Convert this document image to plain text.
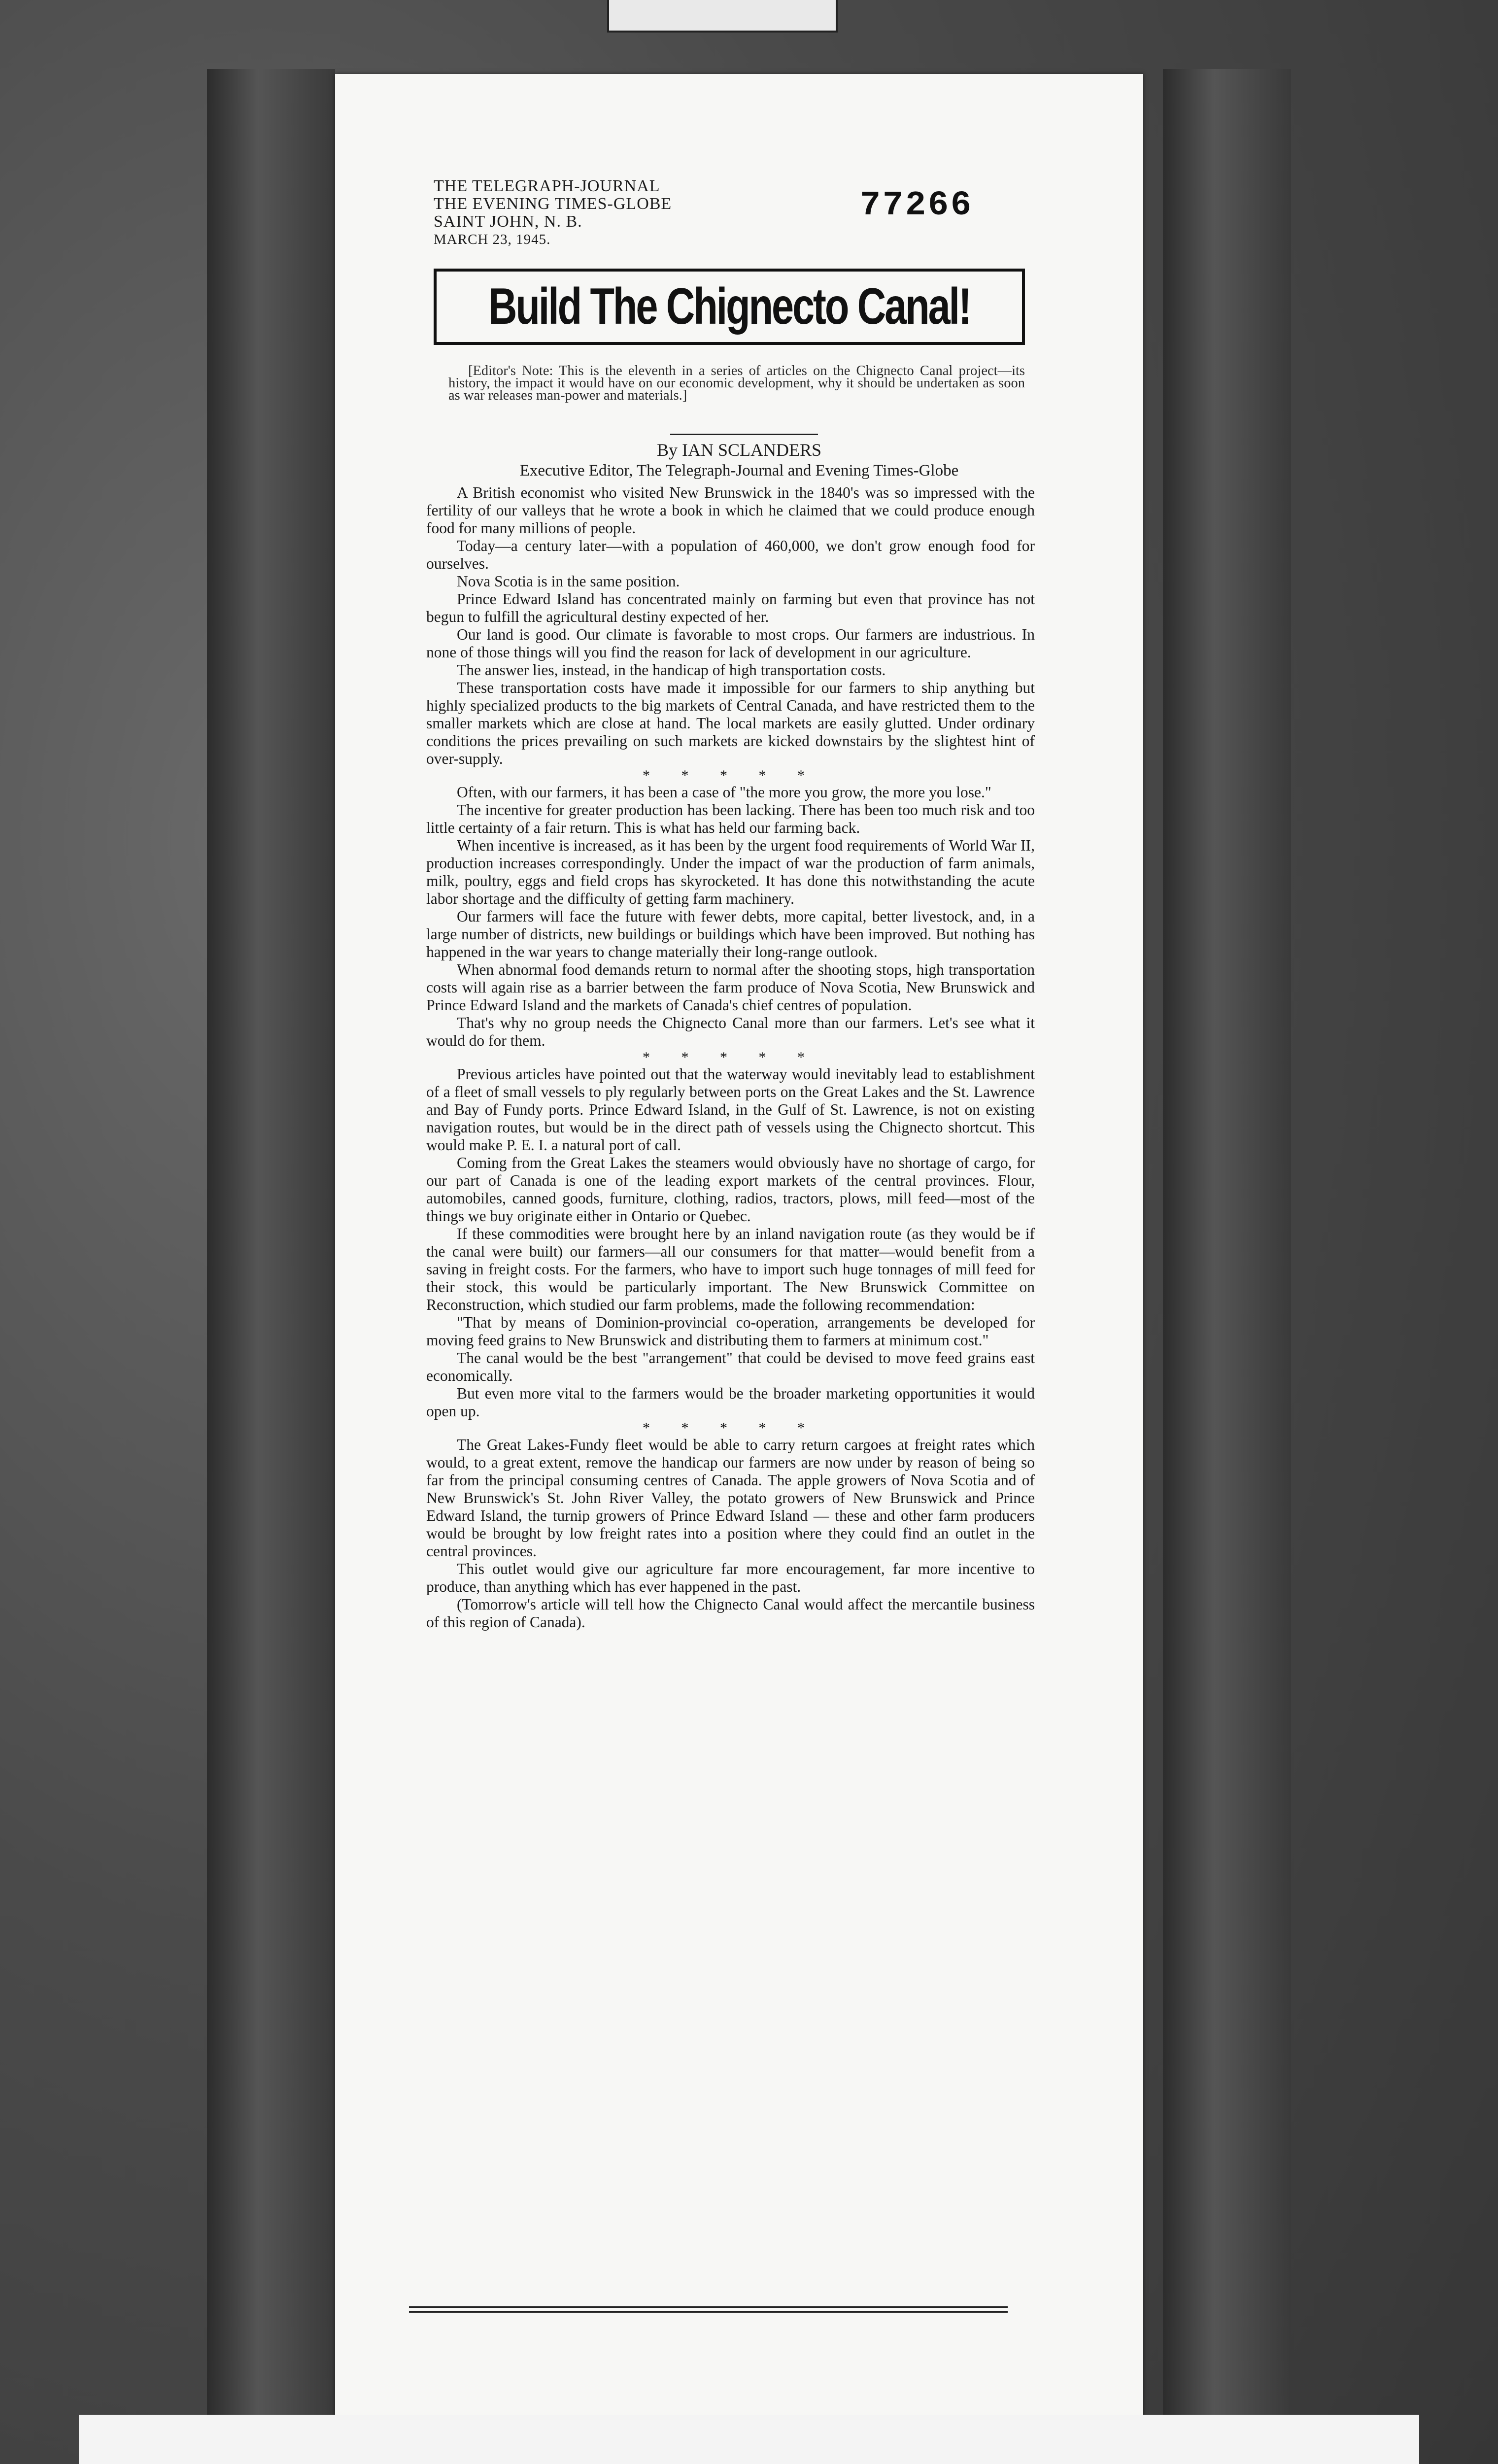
THE TELEGRAPH-JOURNAL
THE EVENING TIMES-GLOBE
SAINT JOHN, N. B.
MARCH 23, 1945.
77266
Build The Chignecto Canal!
[Editor's Note: This is the eleventh in a series of articles on the Chignecto Canal project—its history, the impact it would have on our economic development, why it should be undertaken as soon as war releases man-power and materials.]
By IAN SCLANDERS
Executive Editor, The Telegraph-Journal and Evening Times-Globe

A British economist who visited New Brunswick in the 1840's was so impressed with the fertility of our valleys that he wrote a book in which he claimed that we could produce enough food for many millions of people.

Today—a century later—with a population of 460,000, we don't grow enough food for ourselves.

Nova Scotia is in the same position.

Prince Edward Island has concentrated mainly on farming but even that province has not begun to fulfill the agricultural destiny expected of her.

Our land is good. Our climate is favorable to most crops. Our farmers are industrious. In none of those things will you find the reason for lack of development in our agriculture.

The answer lies, instead, in the handicap of high transportation costs.

These transportation costs have made it impossible for our farmers to ship anything but highly specialized products to the big markets of Central Canada, and have restricted them to the smaller markets which are close at hand. The local markets are easily glutted. Under ordinary conditions the prices prevailing on such markets are kicked downstairs by the slightest hint of over-supply.

* * * * *

Often, with our farmers, it has been a case of "the more you grow, the more you lose."

The incentive for greater production has been lacking. There has been too much risk and too little certainty of a fair return. This is what has held our farming back.

When incentive is increased, as it has been by the urgent food requirements of World War II, production increases correspondingly. Under the impact of war the production of farm animals, milk, poultry, eggs and field crops has skyrocketed. It has done this notwithstanding the acute labor shortage and the difficulty of getting farm machinery.

Our farmers will face the future with fewer debts, more capital, better livestock, and, in a large number of districts, new buildings or buildings which have been improved. But nothing has happened in the war years to change materially their long-range outlook.

When abnormal food demands return to normal after the shooting stops, high transportation costs will again rise as a barrier between the farm produce of Nova Scotia, New Brunswick and Prince Edward Island and the markets of Canada's chief centres of population.

That's why no group needs the Chignecto Canal more than our farmers. Let's see what it would do for them.

* * * * *

Previous articles have pointed out that the waterway would inevitably lead to establishment of a fleet of small vessels to ply regularly between ports on the Great Lakes and the St. Lawrence and Bay of Fundy ports. Prince Edward Island, in the Gulf of St. Lawrence, is not on existing navigation routes, but would be in the direct path of vessels using the Chignecto shortcut. This would make P. E. I. a natural port of call.

Coming from the Great Lakes the steamers would obviously have no shortage of cargo, for our part of Canada is one of the leading export markets of the central provinces. Flour, automobiles, canned goods, furniture, clothing, radios, tractors, plows, mill feed—most of the things we buy originate either in Ontario or Quebec.

If these commodities were brought here by an inland navigation route (as they would be if the canal were built) our farmers—all our consumers for that matter—would benefit from a saving in freight costs. For the farmers, who have to import such huge tonnages of mill feed for their stock, this would be particularly important. The New Brunswick Committee on Reconstruction, which studied our farm problems, made the following recommendation:

"That by means of Dominion-provincial co-operation, arrangements be developed for moving feed grains to New Brunswick and distributing them to farmers at minimum cost."

The canal would be the best "arrangement" that could be devised to move feed grains east economically.

But even more vital to the farmers would be the broader marketing opportunities it would open up.

* * * * *

The Great Lakes-Fundy fleet would be able to carry return cargoes at freight rates which would, to a great extent, remove the handicap our farmers are now under by reason of being so far from the principal consuming centres of Canada. The apple growers of Nova Scotia and of New Brunswick's St. John River Valley, the potato growers of New Brunswick and Prince Edward Island, the turnip growers of Prince Edward Island — these and other farm producers would be brought by low freight rates into a position where they could find an outlet in the central provinces.

This outlet would give our agriculture far more encouragement, far more incentive to produce, than anything which has ever happened in the past.

(Tomorrow's article will tell how the Chignecto Canal would affect the mercantile business of this region of Canada).
